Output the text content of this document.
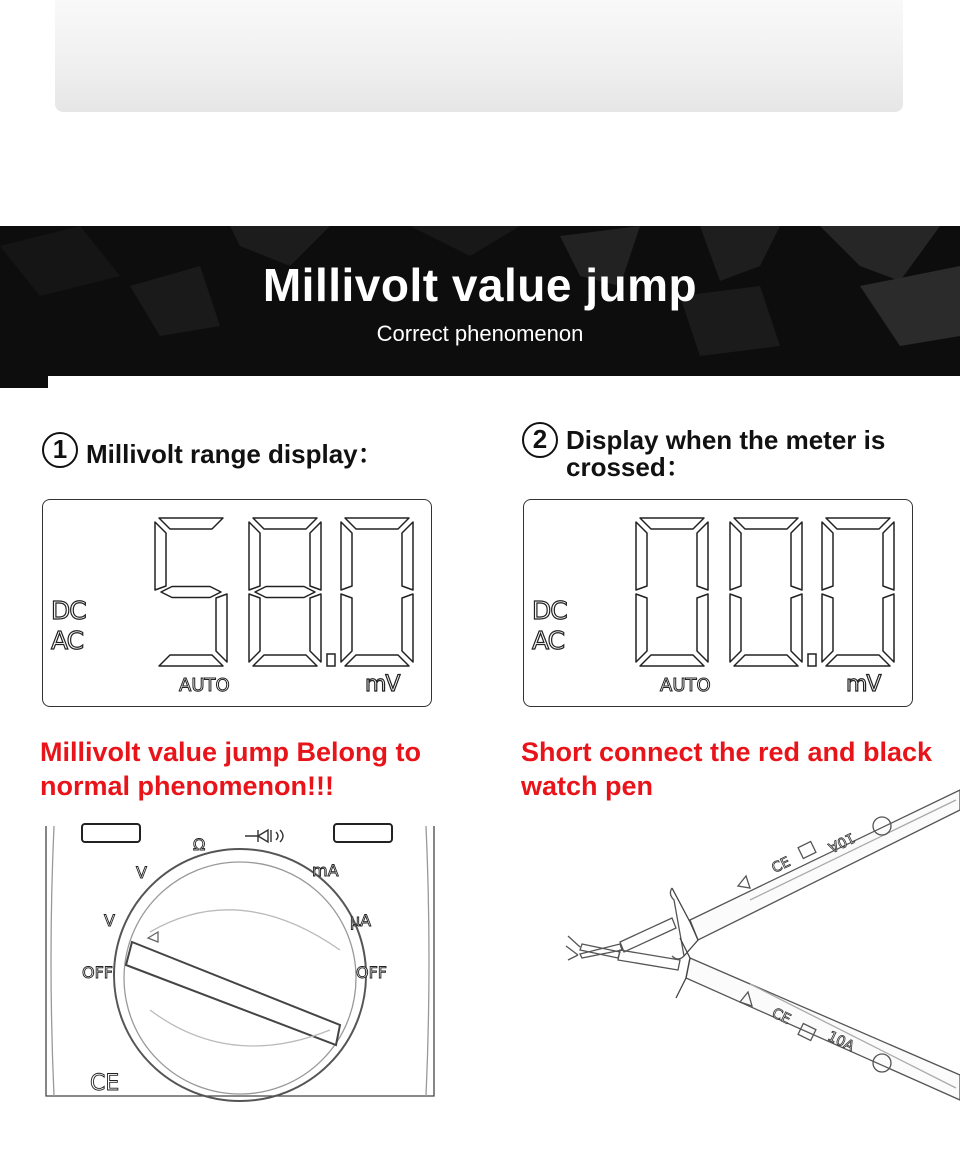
Millivolt value jump
Correct phenomenon
1 Millivolt range display：	2 Display when the meter is crossed：
DC
AC
AUTO	mV
DC
AC
AUTO	mV
Millivolt value jump Belong to normal phenomenon!!!
Short connect the red and black watch pen
Ω
mA
µA
V
V
OFF	OFF
CE
10A
10A
CE
CE
